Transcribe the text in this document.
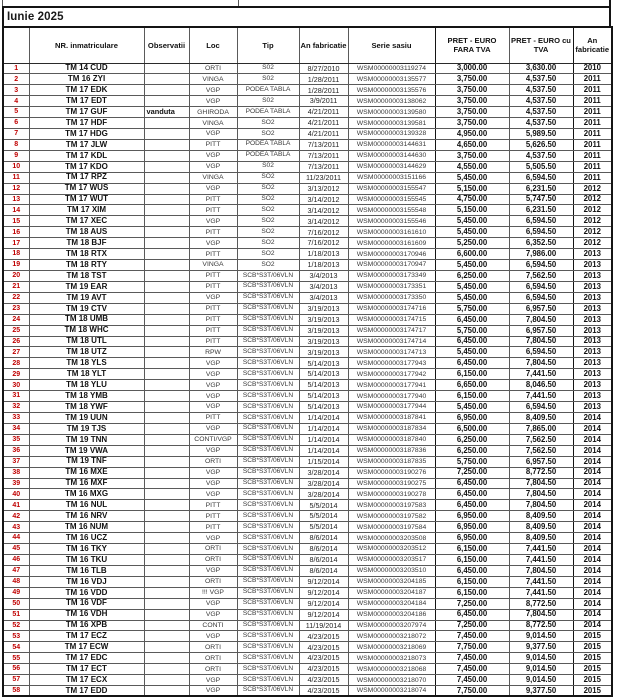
Iunie 2025
	NR. inmatriculare	Observatii	Loc	Tip	An fabricatie	Serie sasiu	PRET - EURO FARA TVA	PRET - EURO cu TVA	An fabricatie
1	TM 14 CUD		ORTI	S02	8/27/2010	WSM00000003119274	3,000.00	3,630.00	2010
2	TM 16 ZYI		VINGA	S02	1/28/2011	WSM00000003135577	3,750.00	4,537.50	2011
3	TM 17 EDK		VGP	PODEA TABLA	1/28/2011	WSM00000003135576	3,750.00	4,537.50	2011
4	TM 17 EDT		VGP	S02	3/9/2011	WSM00000003138062	3,750.00	4,537.50	2011
5	TM 17 GUF	vanduta	GHIRODA	PODEA TABLA	4/21/2011	WSM00000003139580	3,750.00	4,537.50	2011
6	TM 17 HDF		VINGA	SO2	4/21/2011	WSM00000003139581	3,750.00	4,537.50	2011
7	TM 17 HDG		VGP	SO2	4/21/2011	WSM00000003139328	4,950.00	5,989.50	2011
8	TM 17 JLW		PITT	PODEA TABLA	7/13/2011	WSM00000003144631	4,650.00	5,626.50	2011
9	TM 17 KDL		VGP	PODEA TABLA	7/13/2011	WSM00000003144630	3,750.00	4,537.50	2011
10	TM 17 KDO		VGP	S02	7/13/2011	WSM00000003144629	4,550.00	5,505.50	2011
11	TM 17 RPZ		VINGA	SO2	11/23/2011	WSM00000003151166	5,450.00	6,594.50	2011
12	TM 17 WUS		VGP	SO2	3/13/2012	WSM00000003155547	5,150.00	6,231.50	2012
13	TM 17 WUT		PITT	SO2	3/14/2012	WSM00000003155545	4,750.00	5,747.50	2012
14	TM 17 XIM		PITT	SO2	3/14/2012	WSM00000003155548	5,150.00	6,231.50	2012
15	TM 17 XEC		VGP	SO2	3/14/2012	WSM00000003155546	5,450.00	6,594.50	2012
16	TM 18 AUS		PITT	SO2	7/16/2012	WSM00000003161610	5,450.00	6,594.50	2012
17	TM 18 BJF		VGP	SO2	7/16/2012	WSM00000003161609	5,250.00	6,352.50	2012
18	TM 18 RTX		PITT	SO2	1/18/2013	WSM00000003170946	6,600.00	7,986.00	2013
19	TM 18 RTY		VINGA	SO2	1/18/2013	WSM00000003170947	5,450.00	6,594.50	2013
20	TM 18 TST		PITT	SCB*S3T/06VLN	3/4/2013	WSM00000003173349	6,250.00	7,562.50	2013
21	TM 19 EAR		PITT	SCB*S3T/06VLN	3/4/2013	WSM00000003173351	5,450.00	6,594.50	2013
22	TM 19 AVT		VGP	SCB*S3T/06VLN	3/4/2013	WSM00000003173350	5,450.00	6,594.50	2013
23	TM 19 CTV		PITT	SCB*S3T/06VLN	3/19/2013	WSM00000003174716	5,750.00	6,957.50	2013
24	TM 18 UMB		PITT	SCB*S3T/06VLN	3/19/2013	WSM00000003174715	6,450.00	7,804.50	2013
25	TM 18 WHC		PITT	SCB*S3T/06VLN	3/19/2013	WSM00000003174717	5,750.00	6,957.50	2013
26	TM 18 UTL		PITT	SCB*S3T/06VLN	3/19/2013	WSM00000003174714	6,450.00	7,804.50	2013
27	TM 18 UTZ		RPW	SCB*S3T/06VLN	3/19/2013	WSM00000003174713	5,450.00	6,594.50	2013
28	TM 18 YLS		VGP	SCB*S3T/06VLN	5/14/2013	WSM00000003177943	6,450.00	7,804.50	2013
29	TM 18 YLT		VGP	SCB*S3T/06VLN	5/14/2013	WSM00000003177942	6,150.00	7,441.50	2013
30	TM 18 YLU		VGP	SCB*S3T/06VLN	5/14/2013	WSM00000003177941	6,650.00	8,046.50	2013
31	TM 18 YMB		VGP	SCB*S3T/06VLN	5/14/2013	WSM00000003177940	6,150.00	7,441.50	2013
32	TM 18 YWF		VGP	SCB*S3T/06VLN	5/14/2013	WSM00000003177944	5,450.00	6,594.50	2013
33	TM 19 UUN		PITT	SCB*S3T/06VLN	1/14/2014	WSM00000003187841	6,950.00	8,409.50	2014
34	TM 19 TJS		VGP	SCB*S3T/06VLN	1/14/2014	WSM00000003187834	6,500.00	7,865.00	2014
35	TM 19 TNN		CONTI/VGP	SCB*S3T/06VLN	1/14/2014	WSM00000003187840	6,250.00	7,562.50	2014
36	TM 19 VWA		VGP	SCB*S3T/06VLN	1/14/2014	WSM00000003187836	6,250.00	7,562.50	2014
37	TM 19 TNF		ORTI	SCB*S3T/06VLN	1/15/2014	WSM00000003187835	5,750.00	6,957.50	2014
38	TM 16 MXE		VGP	SCB*S3T/06VLN	3/28/2014	WSM00000003190276	7,250.00	8,772.50	2014
39	TM 16 MXF		VGP	SCB*S3T/06VLN	3/28/2014	WSM00000003190275	6,450.00	7,804.50	2014
40	TM 16 MXG		VGP	SCB*S3T/06VLN	3/28/2014	WSM00000003190278	6,450.00	7,804.50	2014
41	TM 16 NUL		PITT	SCB*S3T/06VLN	5/5/2014	WSM00000003197583	6,450.00	7,804.50	2014
42	TM 16 NRV		PITT	SCB*S3T/06VLN	5/5/2014	WSM00000003197582	6,950.00	8,409.50	2014
43	TM 16 NUM		PITT	SCB*S3T/06VLN	5/5/2014	WSM00000003197584	6,950.00	8,409.50	2014
44	TM 16 UCZ		VGP	SCB*S3T/06VLN	8/6/2014	WSM00000003203508	6,950.00	8,409.50	2014
45	TM 16 TKY		ORTI	SCB*S3T/06VLN	8/6/2014	WSM00000003203512	6,150.00	7,441.50	2014
46	TM 16 TKU		ORTI	SCB*S3T/06VLN	8/6/2014	WSM00000003203517	6,150.00	7,441.50	2014
47	TM 16 TLB		VGP	SCB*S3T/06VLN	8/6/2014	WSM00000003203510	6,450.00	7,804.50	2014
48	TM 16 VDJ		ORTI	SCB*S3T/06VLN	9/12/2014	WSM00000003204185	6,150.00	7,441.50	2014
49	TM 16 VDD		!!! VGP	SCB*S3T/06VLN	9/12/2014	WSM00000003204187	6,150.00	7,441.50	2014
50	TM 16 VDF		VGP	SCB*S3T/06VLN	9/12/2014	WSM00000003204184	7,250.00	8,772.50	2014
51	TM 16 VDH		VGP	SCB*S3T/06VLN	9/12/2014	WSM00000003204186	6,450.00	7,804.50	2014
52	TM 16 XPB		CONTI	SCB*S3T/06VLN	11/19/2014	WSM00000003207974	7,250.00	8,772.50	2014
53	TM 17 ECZ		VGP	SCB*S3T/06VLN	4/23/2015	WSM00000003218072	7,450.00	9,014.50	2015
54	TM 17 ECW		ORTI	SCB*S3T/06VLN	4/23/2015	WSM00000003218069	7,750.00	9,377.50	2015
55	TM 17 EDC		ORTI	SCB*S3T/06VLN	4/23/2015	WSM00000003218073	7,450.00	9,014.50	2015
56	TM 17 ECT		ORTI	SCB*S3T/06VLN	4/23/2015	WSM00000003218068	7,450.00	9,014.50	2015
57	TM 17 ECX		VGP	SCB*S3T/06VLN	4/23/2015	WSM00000003218070	7,450.00	9,014.50	2015
58	TM 17 EDD		VGP	SCB*S3T/06VLN	4/23/2015	WSM00000003218074	7,750.00	9,377.50	2015
